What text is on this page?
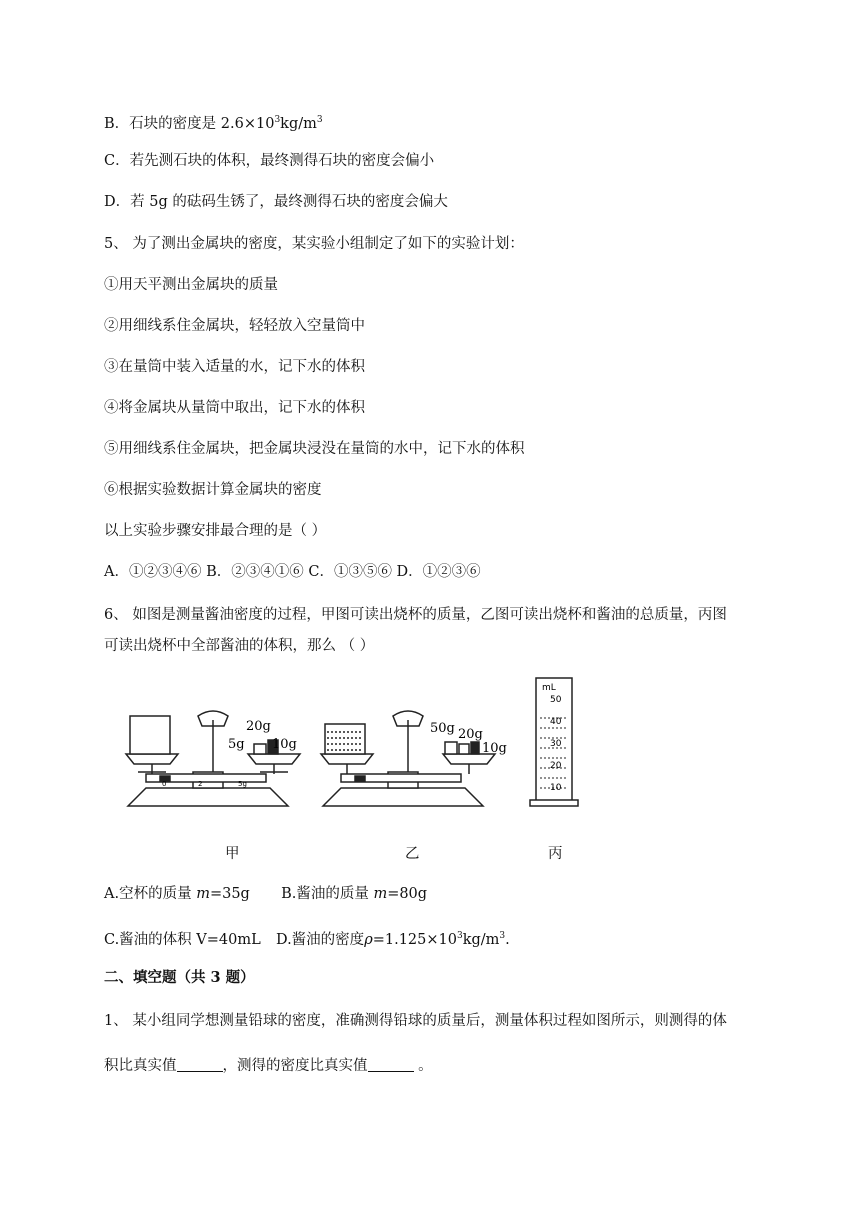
B．石块的密度是 $2.6\times 10^3kg/m^3$
C．若先测石块的体积，最终测得石块的密度会偏小
D．若 5g 的砝码生锈了，最终测得石块的密度会偏大
5、 为了测出金属块的密度，某实验小组制定了如下的实验计划：
①用天平测出金属块的质量
②用细线系住金属块，轻轻放入空量筒中
③在量筒中装入适量的水，记下水的体积
④将金属块从量筒中取出，记下水的体积
⑤用细线系住金属块，把金属块浸没在量筒的水中，记下水的体积
⑥根据实验数据计算金属块的密度
以上实验步骤安排最合理的是（ ）
A．①②③④⑥ B．②③④①⑥ C．①③⑤⑥ D．①②③⑥
6、 如图是测量酱油密度的过程，甲图可读出烧杯的质量，乙图可读出烧杯和酱油的总质量，丙图
可读出烧杯中全部酱油的体积，那么 （ ）
5g
20g
10g
0	2	5g
50g 20g
10g
mL
50
40
30
20
10
甲	乙	丙
A.空杯的质量 m=35g B.酱油的质量 m=80g
C.酱油的体积 V=40mL D.酱油的密度$\rho=1.125\times 10^3kg/m^3$.
二、填空题（共 3 题）
1、 某小组同学想测量铅球的密度，准确测得铅球的质量后，测量体积过程如图所示，则测得的体
积比真实值	，测得的密度比真实值	。
